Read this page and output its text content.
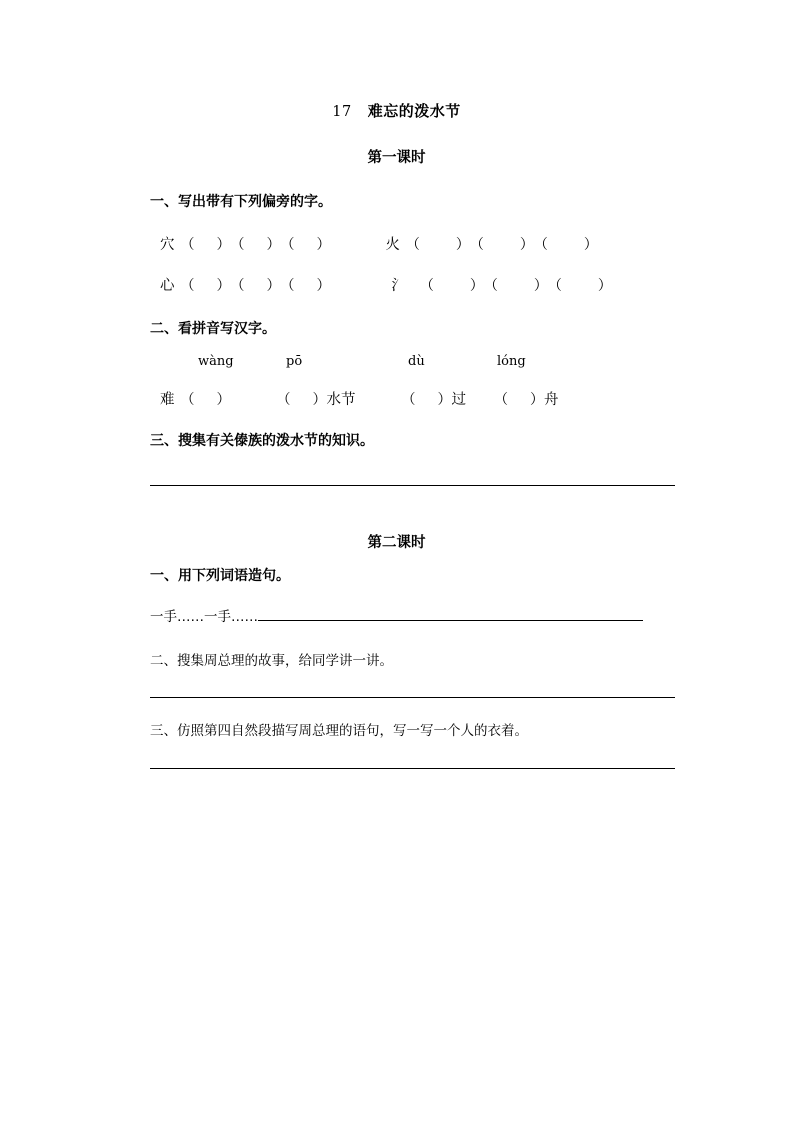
17 难忘的泼水节
第一课时
一、写出带有下列偏旁的字。
穴 （ ）（ ）（ ）	火 （	）（	）（	）
心 （ ）（ ）（ ）	氵 （	）（	）（	）
二、看拼音写汉字。
wàng	pō	dù	lóng
难 （ ）	（ ）水节	（ ）过 （ ）舟
三、搜集有关傣族的泼水节的知识。
第二课时
一、用下列词语造句。
一手……一手……
二、搜集周总理的故事，给同学讲一讲。
三、仿照第四自然段描写周总理的语句，写一写一个人的衣着。
